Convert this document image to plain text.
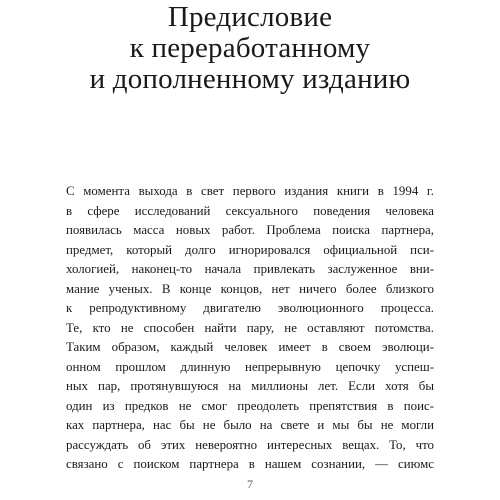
Предисловие
к переработанному
и дополненному изданию
С момента выхода в свет первого издания книги в 1994 г.
в сфере исследований сексуального поведения человека
появилась масса новых работ. Проблема поиска партнера,
предмет, который долго игнорировался официальной пси-
хологией, наконец-то начала привлекать заслуженное вни-
мание ученых. В конце концов, нет ничего более близкого
к репродуктивному двигателю эволюционного процесса.
Те, кто не способен найти пару, не оставляют потомства.
Таким образом, каждый человек имеет в своем эволюци-
онном прошлом длинную непрерывную цепочку успеш-
ных пар, протянувшуюся на миллионы лет. Если хотя бы
один из предков не смог преодолеть препятствия в поис-
ках партнера, нас бы не было на свете и мы бы не могли
рассуждать об этих невероятно интересных вещах. То, что
связано с поиском партнера в нашем сознании, — сиюмс
7
